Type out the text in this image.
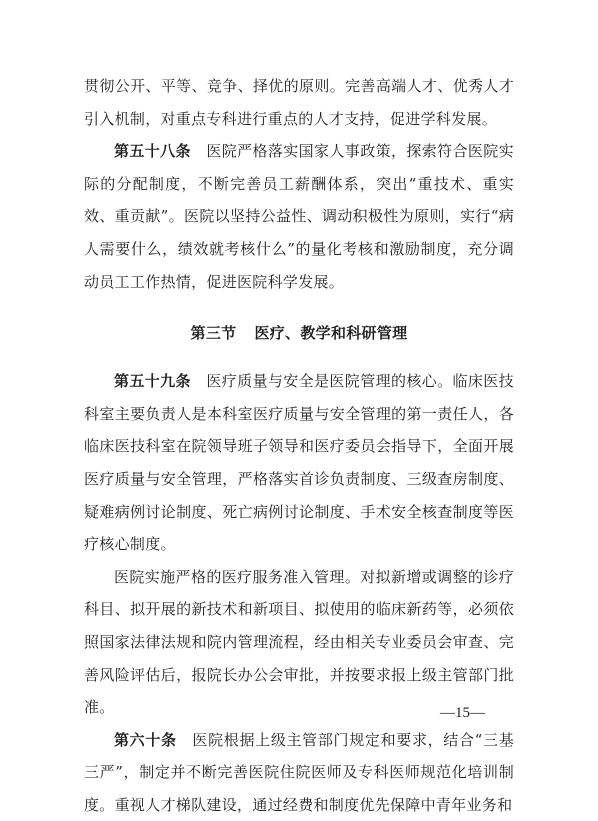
贯彻公开、平等、竞争、择优的原则。完善高端人才、优秀人才引入机制，对重点专科进行重点的人才支持，促进学科发展。

第五十八条　 医院严格落实国家人事政策，探索符合医院实际的分配制度，不断完善员工薪酬体系，突出“重技术、重实效、重贡献”。医院以坚持公益性、调动积极性为原则，实行“病人需要什么，绩效就考核什么”的量化考核和激励制度，充分调动员工工作热情，促进医院科学发展。

第三节 医疗、教学和科研管理

第五十九条　 医疗质量与安全是医院管理的核心。临床医技科室主要负责人是本科室医疗质量与安全管理的第一责任人，各临床医技科室在院领导班子领导和医疗委员会指导下，全面开展医疗质量与安全管理，严格落实首诊负责制度、三级查房制度、疑难病例讨论制度、死亡病例讨论制度、手术安全核查制度等医疗核心制度。

医院实施严格的医疗服务准入管理。对拟新增或调整的诊疗科目、拟开展的新技术和新项目、拟使用的临床新药等，必须依照国家法律法规和院内管理流程，经由相关专业委员会审查、完善风险评估后，报院长办公会审批，并按要求报上级主管部门批准。

第六十条　 医院根据上级主管部门规定和要求，结合“三基三严”，制定并不断完善医院住院医师及专科医师规范化培训制度。重视人才梯队建设，通过经费和制度优先保障中青年业务和

—15—
